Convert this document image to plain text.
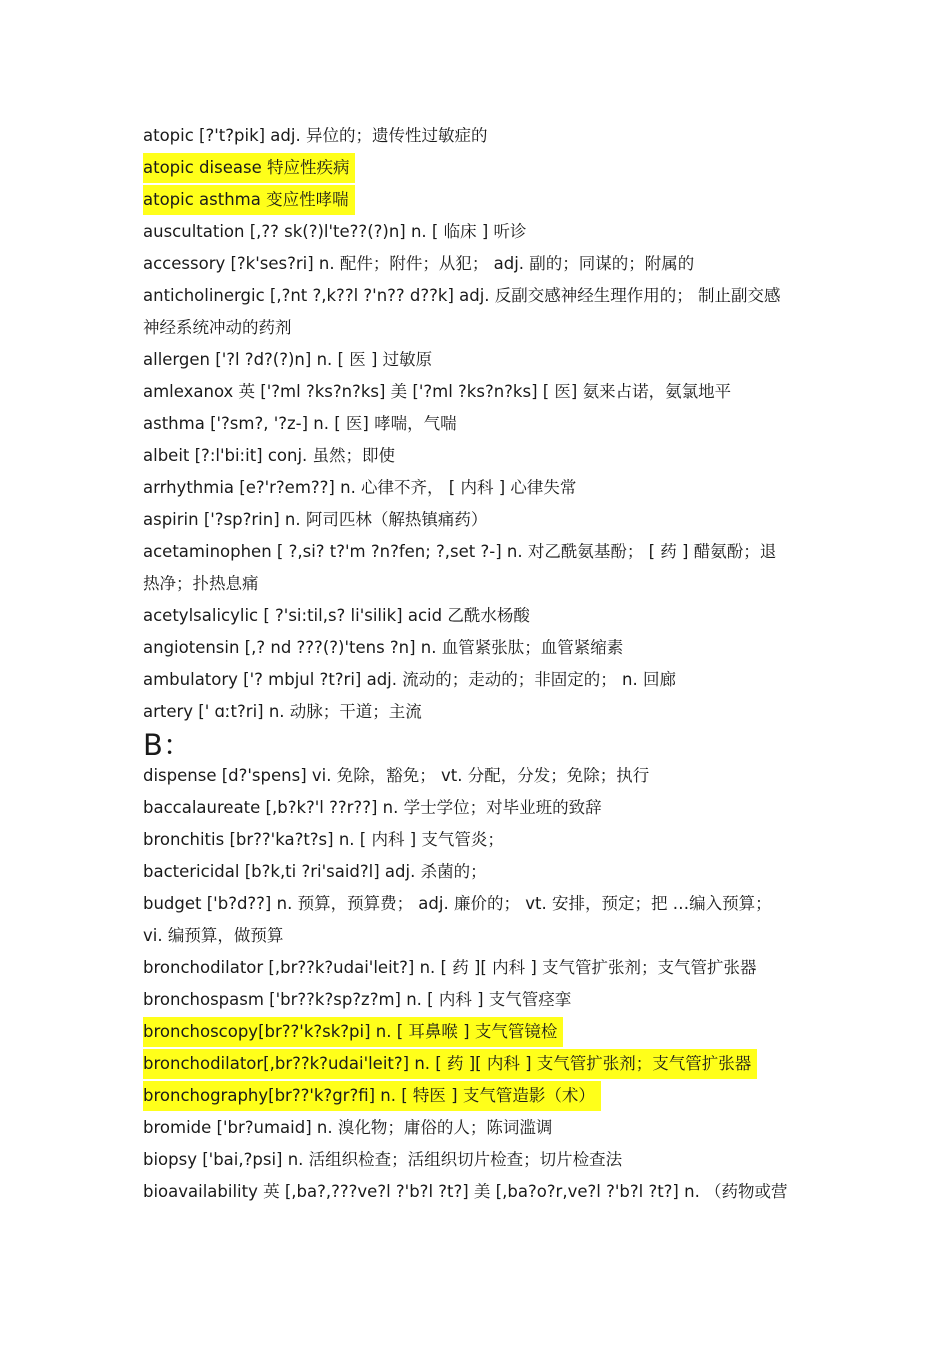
atopic [?'t?pik] adj. 异位的；遗传性过敏症的
atopic disease 特应性疾病
atopic asthma 变应性哮喘
auscultation [,?? sk(?)l'te??(?)n] n. [ 临床 ] 听诊
accessory [?k'ses?ri] n. 配件；附件；从犯； adj. 副的；同谋的；附属的
anticholinergic [,?nt ?,k??l ?'n?? d??k] adj. 反副交感神经生理作用的； 制止副交感
神经系统冲动的药剂
allergen ['?l ?d?(?)n] n. [ 医 ] 过敏原
amlexanox 英 ['?ml ?ks?n?ks] 美 ['?ml ?ks?n?ks] [ 医] 氨来占诺，氨氯地平
asthma ['?sm?, '?z-] n. [ 医] 哮喘，气喘
albeit [?:l'bi:it] conj. 虽然；即使
arrhythmia [e?'r?em??] n. 心律不齐， [ 内科 ] 心律失常
aspirin ['?sp?rin] n. 阿司匹林（解热镇痛药）
acetaminophen [ ?,si? t?'m ?n?fen; ?,set ?-] n. 对乙酰氨基酚； [ 药 ] 醋氨酚；退
热净；扑热息痛
acetylsalicylic [ ?'si:til,s? li'silik] acid 乙酰水杨酸
angiotensin [,? nd ???(?)'tens ?n] n. 血管紧张肽；血管紧缩素
ambulatory ['? mbjul ?t?ri] adj. 流动的；走动的；非固定的； n. 回廊
artery [' ɑːt?ri] n. 动脉；干道；主流
B：
dispense [d?'spens] vi. 免除，豁免； vt. 分配，分发；免除；执行
baccalaureate [,b?k?'l ??r??] n. 学士学位；对毕业班的致辞
bronchitis [br??'ka?t?s] n. [ 内科 ] 支气管炎；
bactericidal [b?k,ti ?ri'said?l] adj. 杀菌的；
budget ['b?d??] n. 预算，预算费； adj. 廉价的； vt. 安排，预定；把 …编入预算；
vi. 编预算，做预算
bronchodilator [,br??k?udai'leit?] n. [ 药 ][ 内科 ] 支气管扩张剂；支气管扩张器
bronchospasm ['br??k?sp?z?m] n. [ 内科 ] 支气管痉挛
bronchoscopy[br??'k?sk?pi] n. [ 耳鼻喉 ] 支气管镜检
bronchodilator[,br??k?udai'leit?] n. [ 药 ][ 内科 ] 支气管扩张剂；支气管扩张器
bronchography[br??'k?gr?fi] n. [ 特医 ] 支气管造影（术）
bromide ['br?umaid] n. 溴化物；庸俗的人；陈词滥调
biopsy ['bai,?psi] n. 活组织检查；活组织切片检查；切片检查法
bioavailability 英 [,ba?,???ve?l ?'b?l ?t?] 美 [,ba?o?r,ve?l ?'b?l ?t?] n. （药物或营
